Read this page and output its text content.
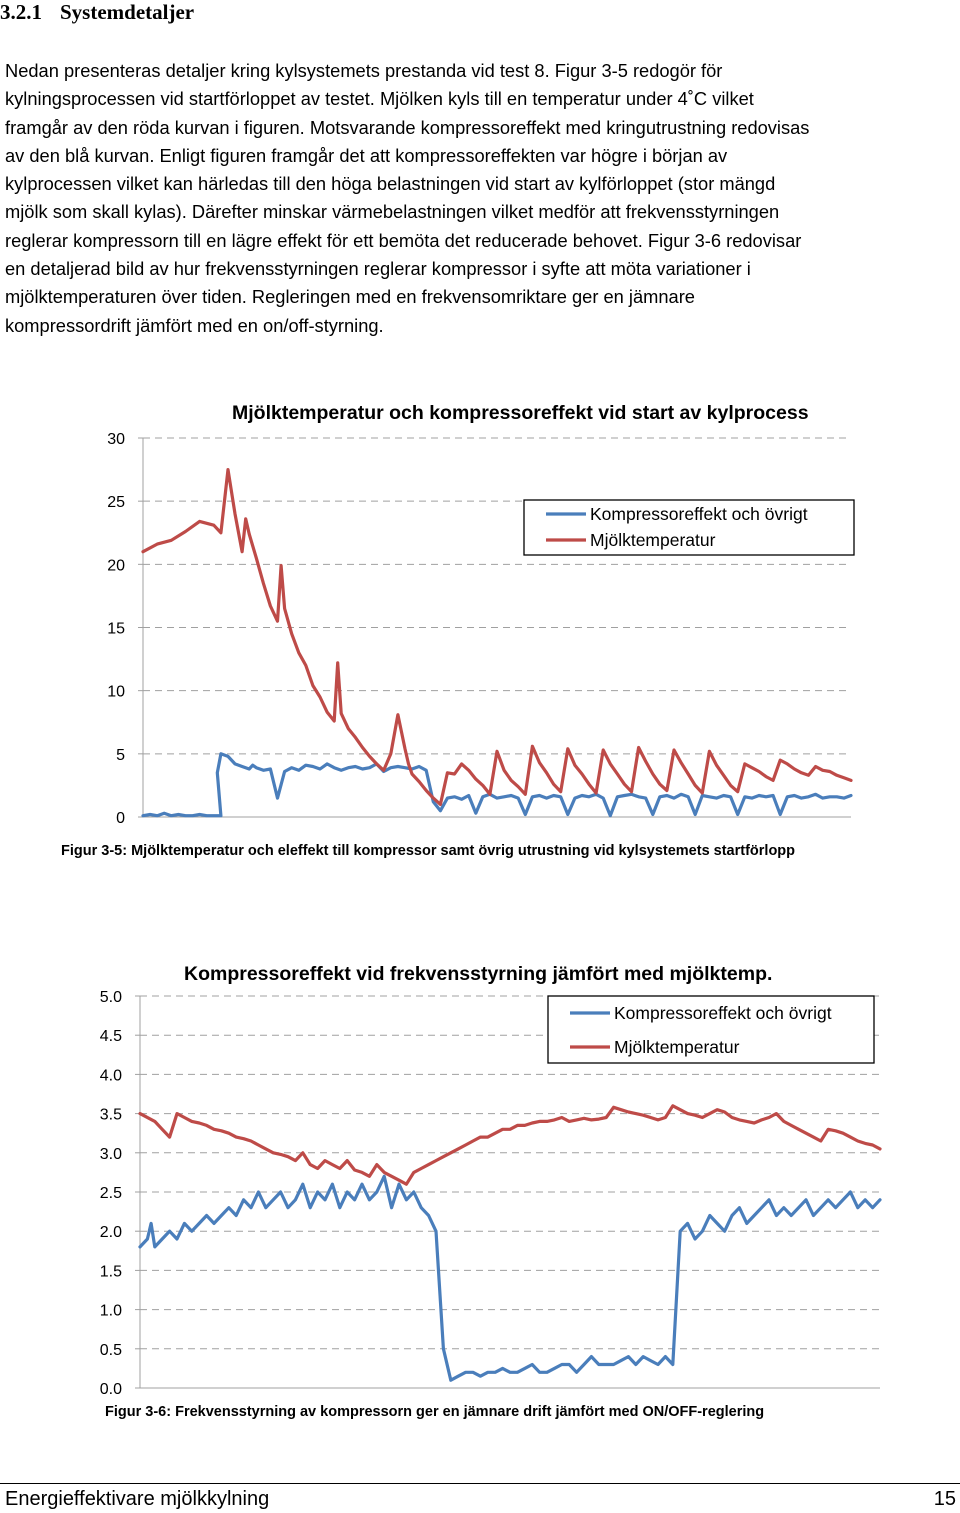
3.2.1 Systemdetaljer
Nedan presenteras detaljer kring kylsystemets prestanda vid test 8. Figur 3-5 redogör för
kylningsprocessen vid startförloppet av testet. Mjölken kyls till en temperatur under 4˚C vilket
framgår av den röda kurvan i figuren. Motsvarande kompressoreffekt med kringutrustning redovisas
av den blå kurvan. Enligt figuren framgår det att kompressoreffekten var högre i början av
kylprocessen vilket kan härledas till den höga belastningen vid start av kylförloppet (stor mängd
mjölk som skall kylas). Därefter minskar värmebelastningen vilket medför att frekvensstyrningen
reglerar kompressorn till en lägre effekt för ett bemöta det reducerade behovet. Figur 3-6 redovisar
en detaljerad bild av hur frekvensstyrningen reglerar kompressor i syfte att möta variationer i
mjölktemperaturen över tiden. Regleringen med en frekvensomriktare ger en jämnare
kompressordrift jämfört med en on/off-styrning.
Mjölktemperatur och kompressoreffekt vid start av kylprocess
0
5
10
15
20
25
30
Kompressoreffekt och övrigt
Mjölktemperatur
Figur 3-5: Mjölktemperatur och eleffekt till kompressor samt övrig utrustning vid kylsystemets startförlopp
Kompressoreffekt vid frekvensstyrning jämfört med mjölktemp.
0.0
0.5
1.0
1.5
2.0
2.5
3.0
3.5
4.0
4.5
5.0
Kompressoreffekt och övrigt
Mjölktemperatur
Figur 3-6: Frekvensstyrning av kompressorn ger en jämnare drift jämfört med ON/OFF-reglering
Energieffektivare mjölkkylning	15
